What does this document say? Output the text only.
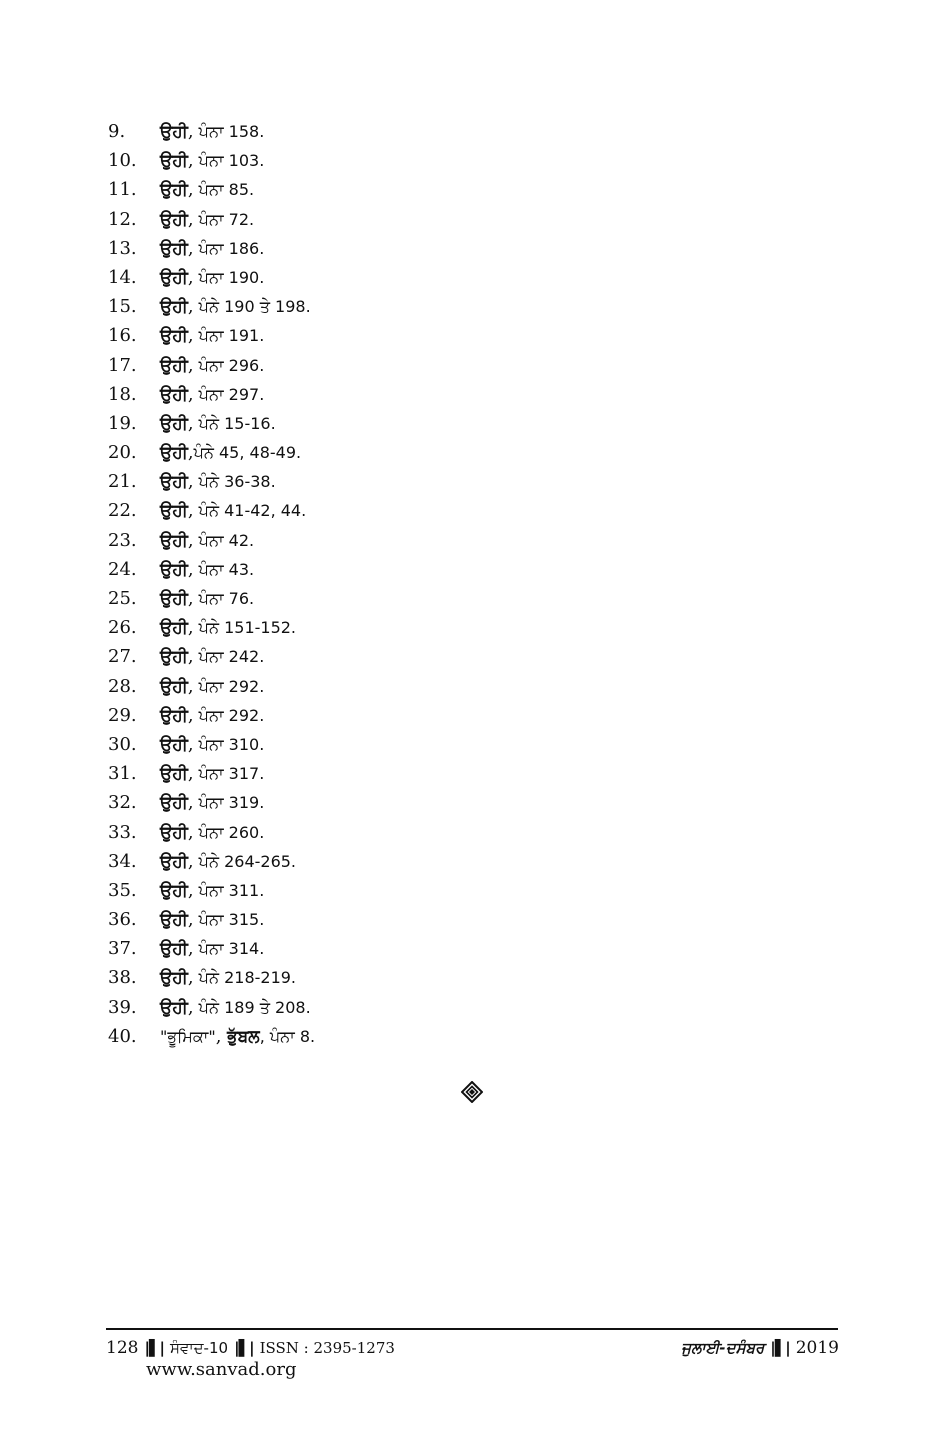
9.	ਉਹੀ, ਪੰਨਾ 158.
10.	ਉਹੀ, ਪੰਨਾ 103.
11.	ਉਹੀ, ਪੰਨਾ 85.
12.	ਉਹੀ, ਪੰਨਾ 72.
13.	ਉਹੀ, ਪੰਨਾ 186.
14.	ਉਹੀ, ਪੰਨਾ 190.
15.	ਉਹੀ, ਪੰਨੇ 190 ਤੇ 198.
16.	ਉਹੀ, ਪੰਨਾ 191.
17.	ਉਹੀ, ਪੰਨਾ 296.
18.	ਉਹੀ, ਪੰਨਾ 297.
19.	ਉਹੀ, ਪੰਨੇ 15-16.
20.	ਉਹੀ,ਪੰਨੇ 45, 48-49.
21.	ਉਹੀ, ਪੰਨੇ 36-38.
22.	ਉਹੀ, ਪੰਨੇ 41-42, 44.
23.	ਉਹੀ, ਪੰਨਾ 42.
24.	ਉਹੀ, ਪੰਨਾ 43.
25.	ਉਹੀ, ਪੰਨਾ 76.
26.	ਉਹੀ, ਪੰਨੇ 151-152.
27.	ਉਹੀ, ਪੰਨਾ 242.
28.	ਉਹੀ, ਪੰਨਾ 292.
29.	ਉਹੀ, ਪੰਨਾ 292.
30.	ਉਹੀ, ਪੰਨਾ 310.
31.	ਉਹੀ, ਪੰਨਾ 317.
32.	ਉਹੀ, ਪੰਨਾ 319.
33.	ਉਹੀ, ਪੰਨਾ 260.
34.	ਉਹੀ, ਪੰਨੇ 264-265.
35.	ਉਹੀ, ਪੰਨਾ 311.
36.	ਉਹੀ, ਪੰਨਾ 315.
37.	ਉਹੀ, ਪੰਨਾ 314.
38.	ਉਹੀ, ਪੰਨੇ 218-219.
39.	ਉਹੀ, ਪੰਨੇ 189 ਤੇ 208.
40.	"ਭੂਮਿਕਾ", ਭੁੱਬਲ, ਪੰਨਾ 8.
128 |▌| ਸੰਵਾਦ-10 |▌| ISSN : 2395-1273
www.sanvad.org
ਜੁਲਾਈ-ਦਸੰਬਰ |▌| 2019
